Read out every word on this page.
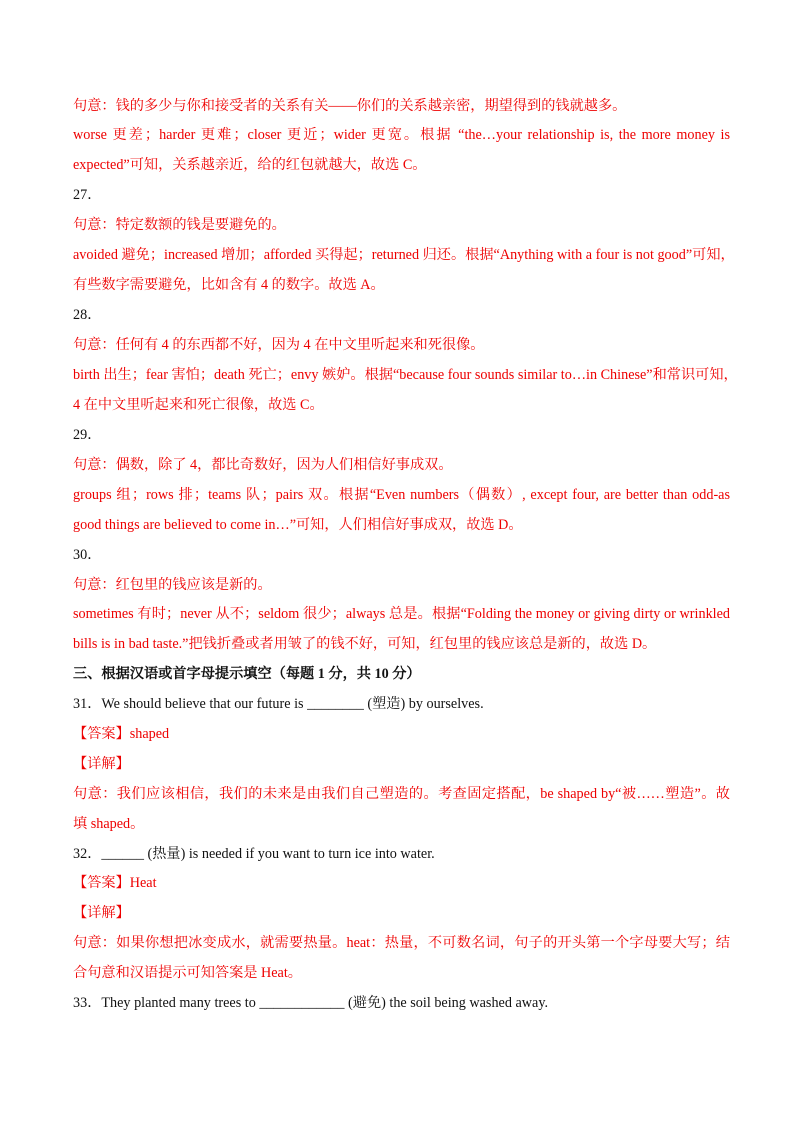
句意：钱的多少与你和接受者的关系有关——你们的关系越亲密，期望得到的钱就越多。
worse 更差；harder 更难；closer 更近；wider 更宽。根据 “the…your relationship is, the more money is
expected”可知，关系越亲近，给的红包就越大，故选 C。
27．
句意：特定数额的钱是要避免的。
avoided 避免；increased 增加；afforded 买得起；returned 归还。根据“Anything with a four is not good”可知，
有些数字需要避免，比如含有 4 的数字。故选 A。
28．
句意：任何有 4 的东西都不好，因为 4 在中文里听起来和死很像。
birth 出生；fear 害怕；death 死亡；envy 嫉妒。根据“because four sounds similar to…in Chinese”和常识可知，
4 在中文里听起来和死亡很像，故选 C。
29．
句意：偶数，除了 4，都比奇数好，因为人们相信好事成双。
groups 组；rows 排；teams 队；pairs 双。根据“Even numbers（偶数）, except four, are better than odd-as
good things are believed to come in…”可知，人们相信好事成双，故选 D。
30．
句意：红包里的钱应该是新的。
sometimes 有时；never 从不；seldom 很少；always 总是。根据“Folding the money or giving dirty or wrinkled
bills is in bad taste.”把钱折叠或者用皱了的钱不好，可知，红包里的钱应该总是新的，故选 D。
三、根据汉语或首字母提示填空（每题 1 分，共 10 分）
31．We should believe that our future is ________ (塑造) by ourselves.
【答案】shaped
【详解】
句意：我们应该相信，我们的未来是由我们自己塑造的。考查固定搭配，be shaped by“被……塑造”。故
填 shaped。
32．______ (热量) is needed if you want to turn ice into water.
【答案】Heat
【详解】
句意：如果你想把冰变成水，就需要热量。heat：热量，不可数名词，句子的开头第一个字母要大写；结
合句意和汉语提示可知答案是 Heat。
33．They planted many trees to ____________ (避免) the soil being washed away.
